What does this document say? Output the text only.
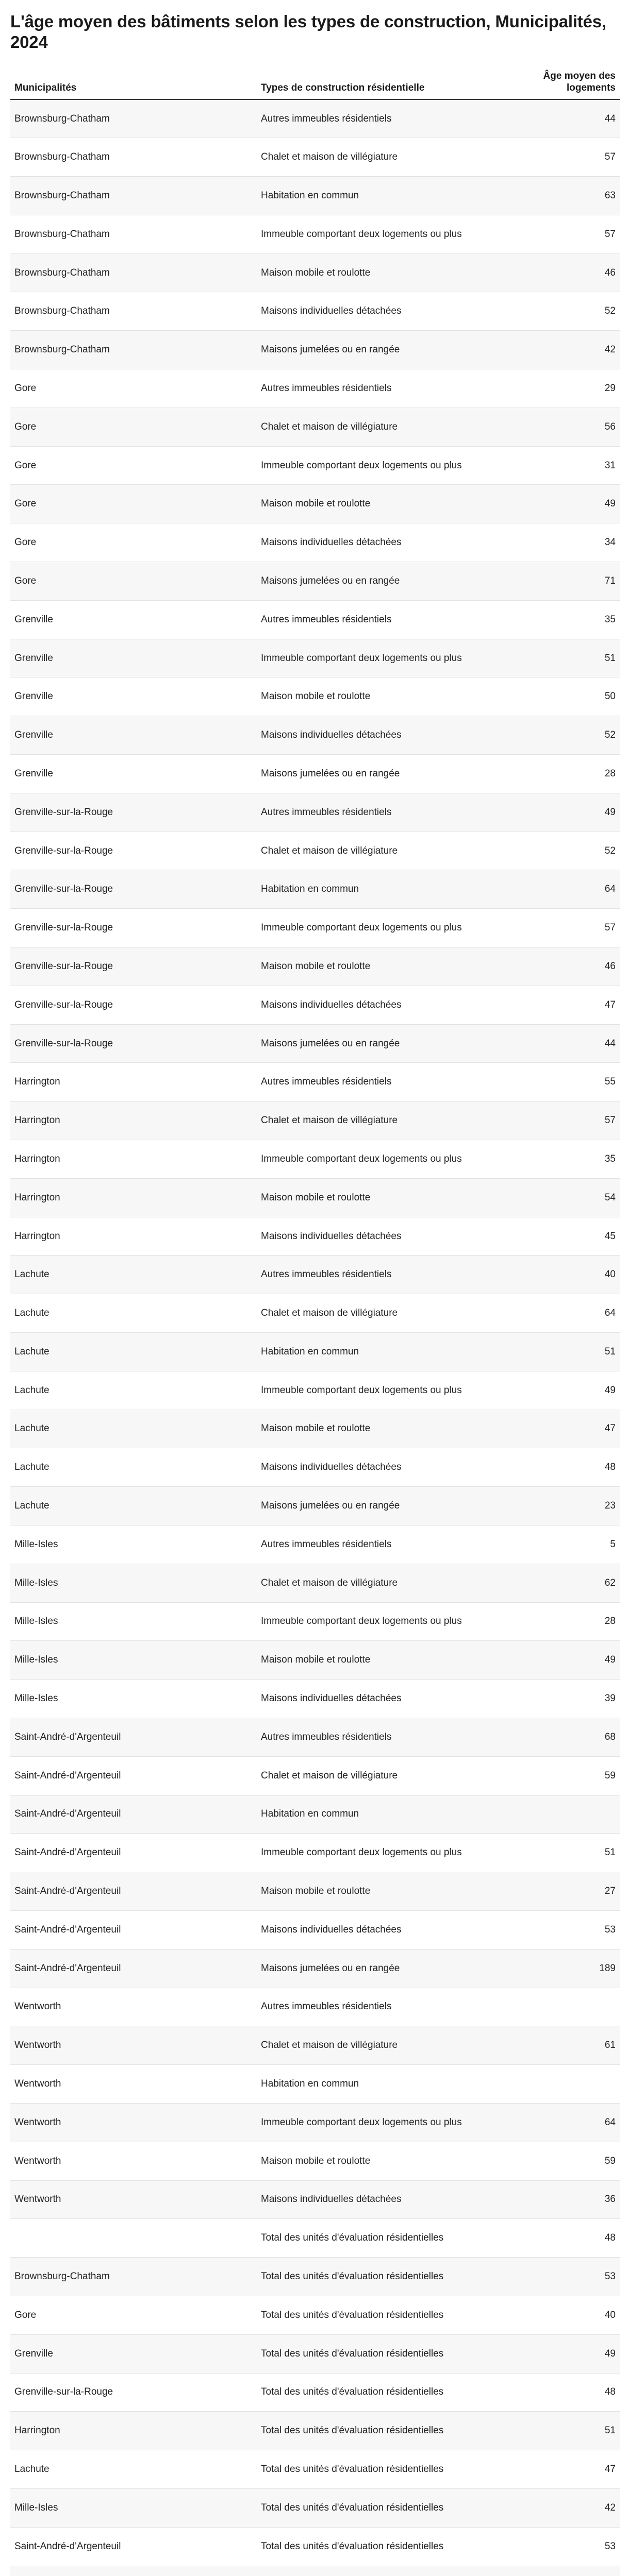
L'âge moyen des bâtiments selon les types de construction, Municipalités, 2024
Municipalités	Types de construction résidentielle	Âge moyen des logements
Brownsburg-Chatham	Autres immeubles résidentiels	44
Brownsburg-Chatham	Chalet et maison de villégiature	57
Brownsburg-Chatham	Habitation en commun	63
Brownsburg-Chatham	Immeuble comportant deux logements ou plus	57
Brownsburg-Chatham	Maison mobile et roulotte	46
Brownsburg-Chatham	Maisons individuelles détachées	52
Brownsburg-Chatham	Maisons jumelées ou en rangée	42
Gore	Autres immeubles résidentiels	29
Gore	Chalet et maison de villégiature	56
Gore	Immeuble comportant deux logements ou plus	31
Gore	Maison mobile et roulotte	49
Gore	Maisons individuelles détachées	34
Gore	Maisons jumelées ou en rangée	71
Grenville	Autres immeubles résidentiels	35
Grenville	Immeuble comportant deux logements ou plus	51
Grenville	Maison mobile et roulotte	50
Grenville	Maisons individuelles détachées	52
Grenville	Maisons jumelées ou en rangée	28
Grenville-sur-la-Rouge	Autres immeubles résidentiels	49
Grenville-sur-la-Rouge	Chalet et maison de villégiature	52
Grenville-sur-la-Rouge	Habitation en commun	64
Grenville-sur-la-Rouge	Immeuble comportant deux logements ou plus	57
Grenville-sur-la-Rouge	Maison mobile et roulotte	46
Grenville-sur-la-Rouge	Maisons individuelles détachées	47
Grenville-sur-la-Rouge	Maisons jumelées ou en rangée	44
Harrington	Autres immeubles résidentiels	55
Harrington	Chalet et maison de villégiature	57
Harrington	Immeuble comportant deux logements ou plus	35
Harrington	Maison mobile et roulotte	54
Harrington	Maisons individuelles détachées	45
Lachute	Autres immeubles résidentiels	40
Lachute	Chalet et maison de villégiature	64
Lachute	Habitation en commun	51
Lachute	Immeuble comportant deux logements ou plus	49
Lachute	Maison mobile et roulotte	47
Lachute	Maisons individuelles détachées	48
Lachute	Maisons jumelées ou en rangée	23
Mille-Isles	Autres immeubles résidentiels	5
Mille-Isles	Chalet et maison de villégiature	62
Mille-Isles	Immeuble comportant deux logements ou plus	28
Mille-Isles	Maison mobile et roulotte	49
Mille-Isles	Maisons individuelles détachées	39
Saint-André-d'Argenteuil	Autres immeubles résidentiels	68
Saint-André-d'Argenteuil	Chalet et maison de villégiature	59
Saint-André-d'Argenteuil	Habitation en commun	
Saint-André-d'Argenteuil	Immeuble comportant deux logements ou plus	51
Saint-André-d'Argenteuil	Maison mobile et roulotte	27
Saint-André-d'Argenteuil	Maisons individuelles détachées	53
Saint-André-d'Argenteuil	Maisons jumelées ou en rangée	189
Wentworth	Autres immeubles résidentiels	
Wentworth	Chalet et maison de villégiature	61
Wentworth	Habitation en commun	
Wentworth	Immeuble comportant deux logements ou plus	64
Wentworth	Maison mobile et roulotte	59
Wentworth	Maisons individuelles détachées	36
	Total des unités d'évaluation résidentielles	48
Brownsburg-Chatham	Total des unités d'évaluation résidentielles	53
Gore	Total des unités d'évaluation résidentielles	40
Grenville	Total des unités d'évaluation résidentielles	49
Grenville-sur-la-Rouge	Total des unités d'évaluation résidentielles	48
Harrington	Total des unités d'évaluation résidentielles	51
Lachute	Total des unités d'évaluation résidentielles	47
Mille-Isles	Total des unités d'évaluation résidentielles	42
Saint-André-d'Argenteuil	Total des unités d'évaluation résidentielles	53
